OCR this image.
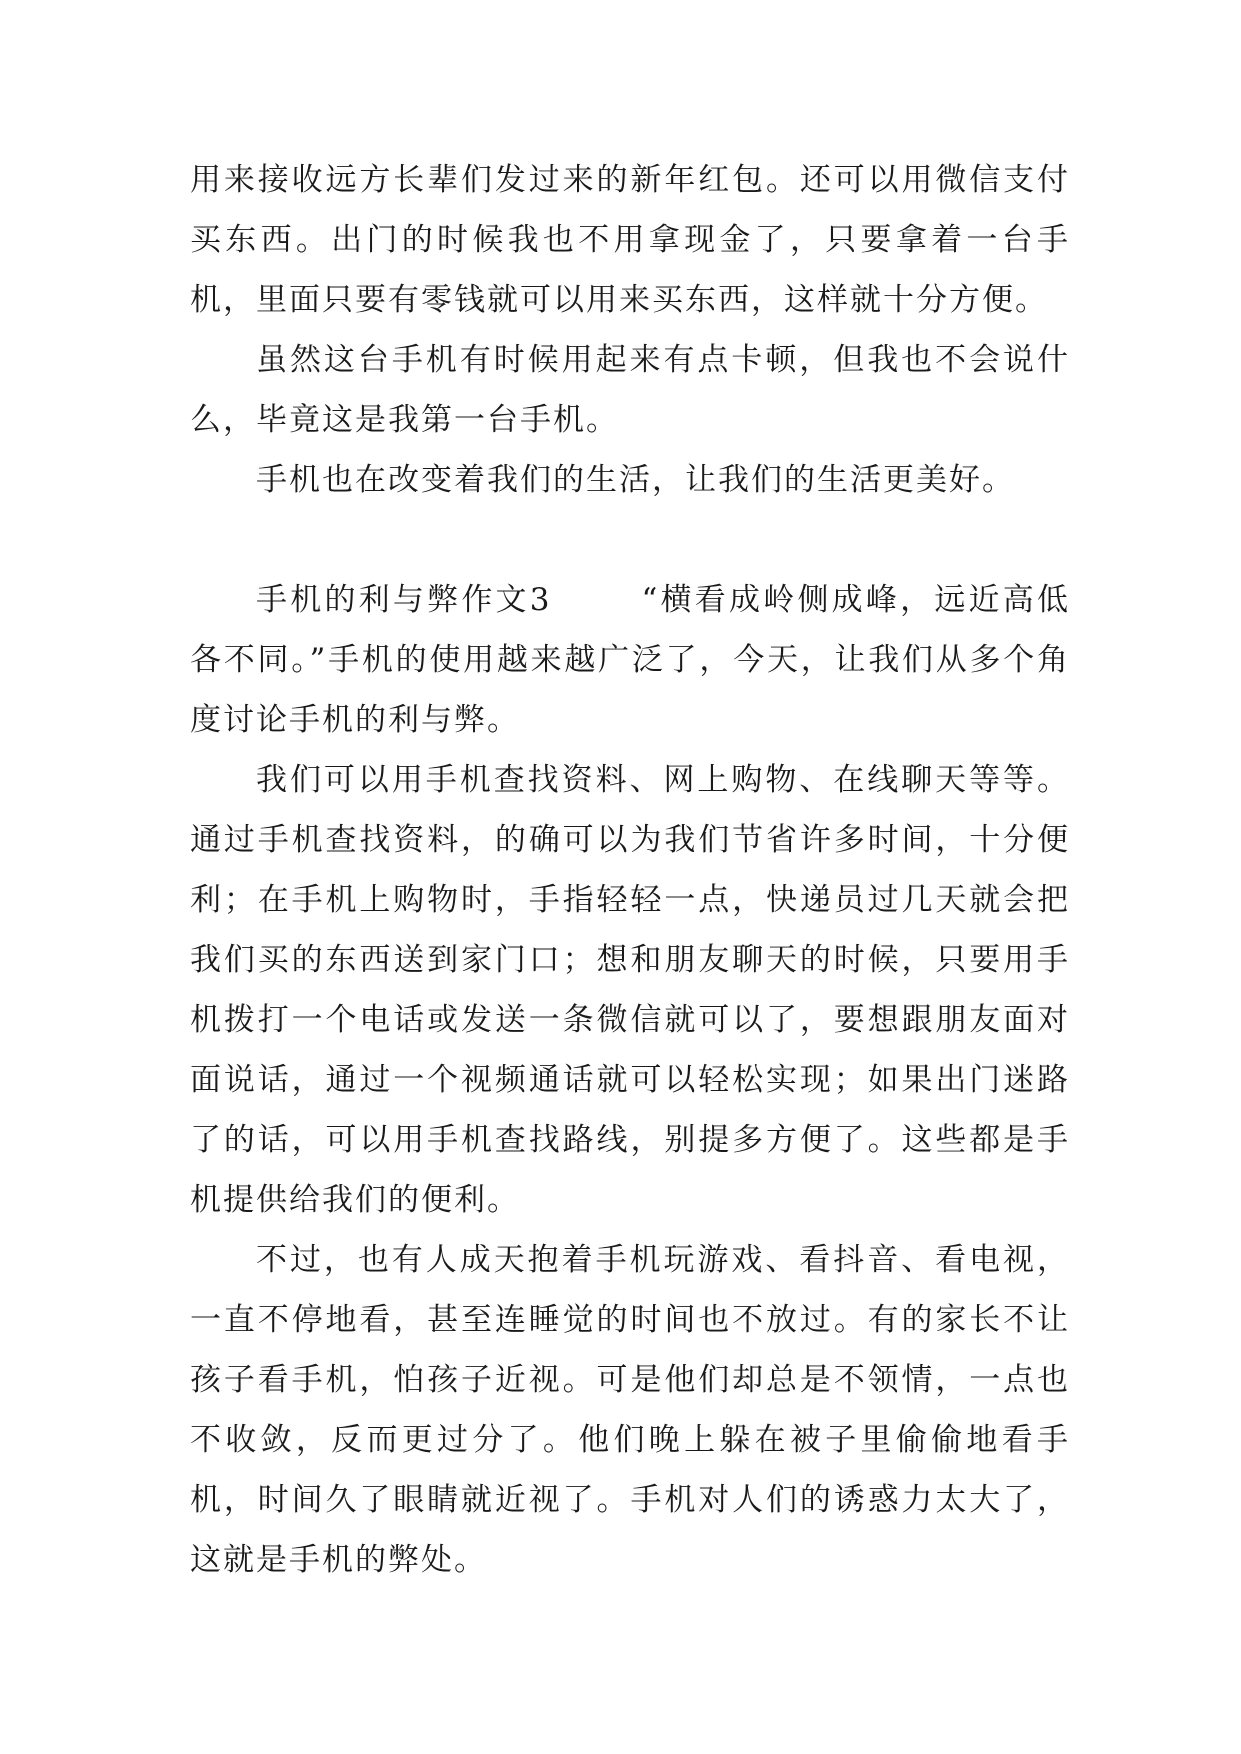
用来接收远方长辈们发过来的新年红包。还可以用微信支付买东西。出门的时候我也不用拿现金了，只要拿着一台手机，里面只要有零钱就可以用来买东西，这样就十分方便。

虽然这台手机有时候用起来有点卡顿，但我也不会说什么，毕竟这是我第一台手机。

手机也在改变着我们的生活，让我们的生活更美好。

手机的利与弊作文3	“横看成岭侧成峰，远近高低各不同。”手机的使用越来越广泛了，今天，让我们从多个角度讨论手机的利与弊。

我们可以用手机查找资料、网上购物、在线聊天等等。通过手机查找资料，的确可以为我们节省许多时间，十分便利；在手机上购物时，手指轻轻一点，快递员过几天就会把我们买的东西送到家门口；想和朋友聊天的时候，只要用手机拨打一个电话或发送一条微信就可以了，要想跟朋友面对面说话，通过一个视频通话就可以轻松实现；如果出门迷路了的话，可以用手机查找路线，别提多方便了。这些都是手机提供给我们的便利。

不过，也有人成天抱着手机玩游戏、看抖音、看电视，一直不停地看，甚至连睡觉的时间也不放过。有的家长不让孩子看手机，怕孩子近视。可是他们却总是不领情，一点也不收敛，反而更过分了。他们晚上躲在被子里偷偷地看手机，时间久了眼睛就近视了。手机对人们的诱惑力太大了，这就是手机的弊处。
